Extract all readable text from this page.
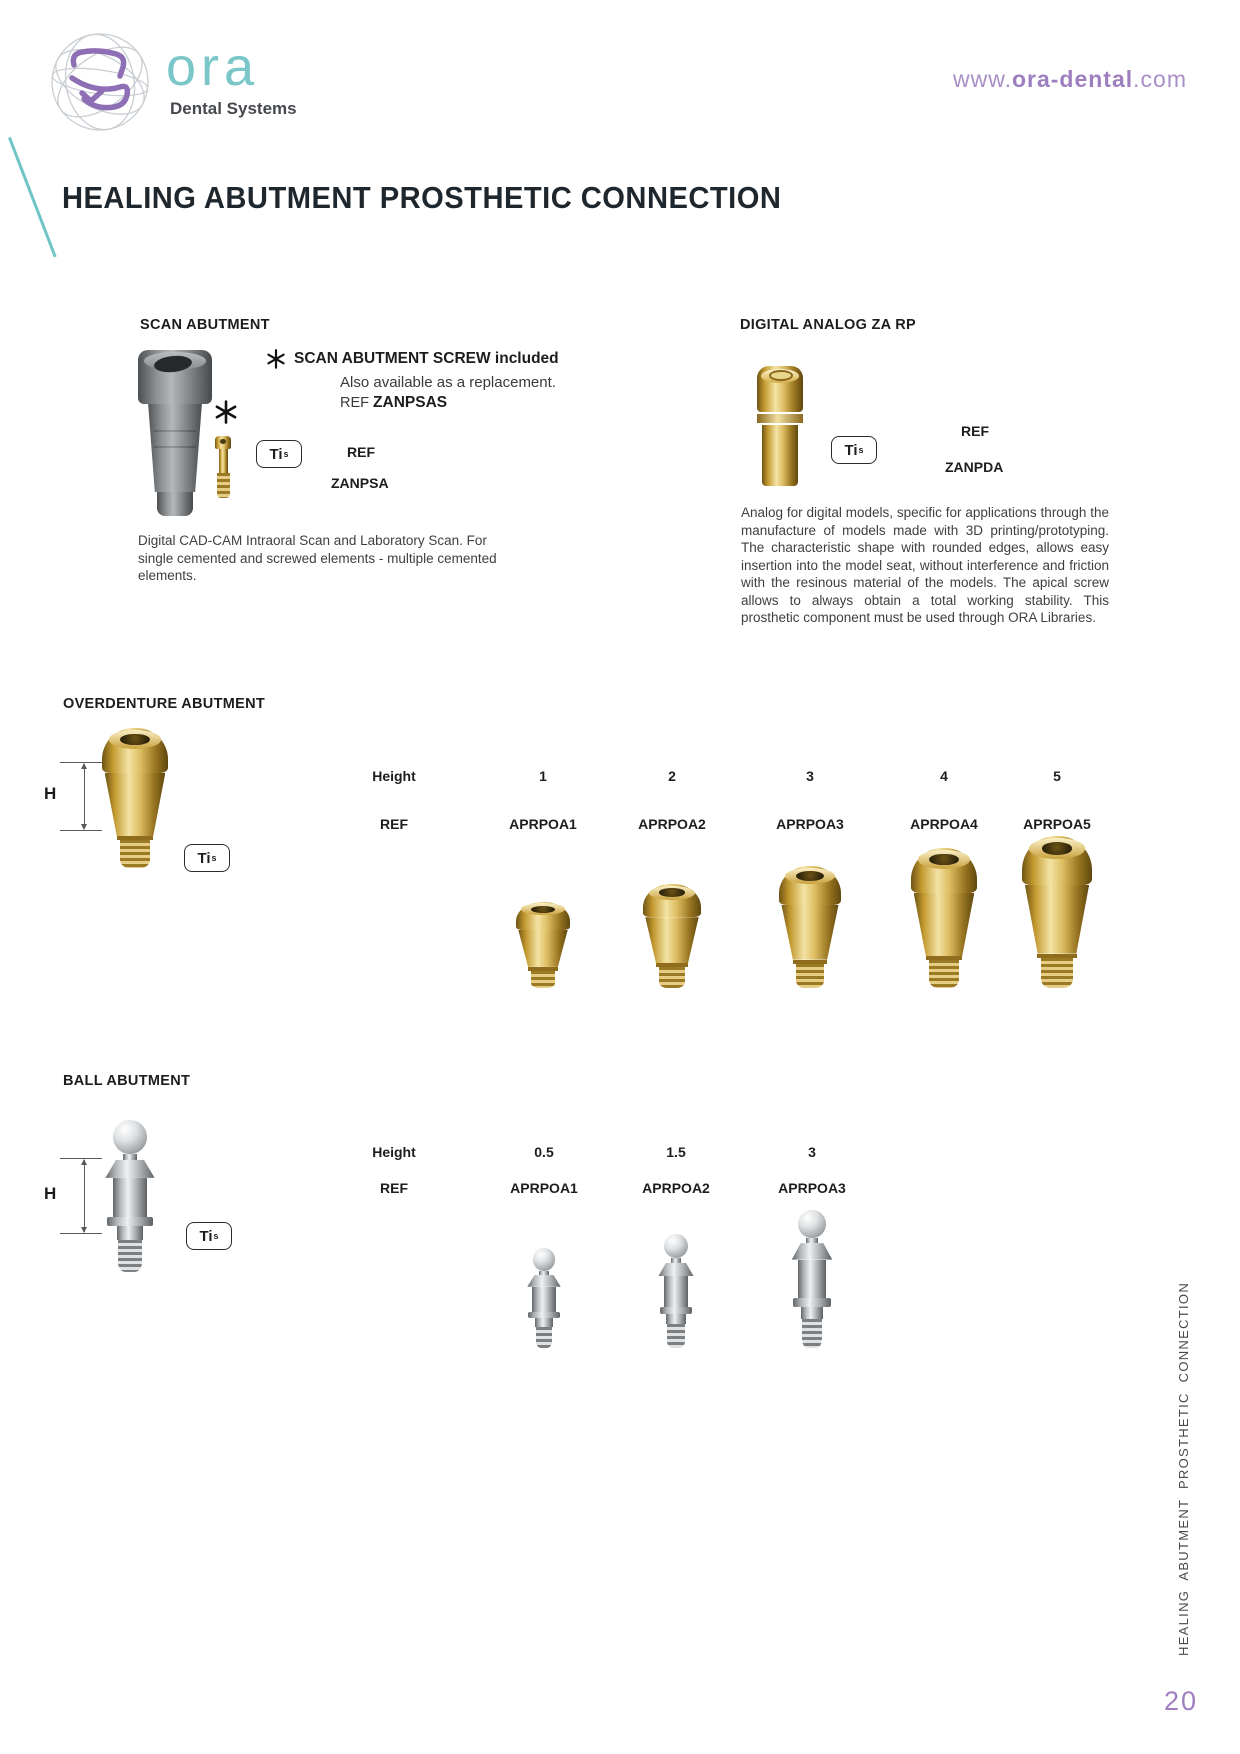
ora
Dental Systems
www.ora-dental.com
HEALING ABUTMENT PROSTHETIC CONNECTION
SCAN ABUTMENT
Ti s	REF
ZANPSA
SCAN ABUTMENT SCREW included
Also available as a replacement.
REF ZANPSAS
Digital CAD-CAM Intraoral Scan and Laboratory Scan. For single cemented and screwed elements - multiple cemented elements.
DIGITAL ANALOG ZA RP
Ti s
REF
ZANPDA
Analog for digital models, specific for applications through the manufacture of models made with 3D printing/prototyping. The characteristic shape with rounded edges, allows easy insertion into the model seat, without interference and friction with the resinous material of the models. The apical screw allows to always obtain a total working stability. This prosthetic component must be used through ORA Libraries.
OVERDENTURE ABUTMENT
H
Ti s
Height
REF
1	2	3	4	5
APRPOA1	APRPOA2	APRPOA3	APRPOA4	APRPOA5
BALL ABUTMENT
H
Ti s
Height
REF
0.5	1.5	3
APRPOA1	APRPOA2	APRPOA3
HEALING ABUTMENT PROSTHETIC CONNECTION
20
